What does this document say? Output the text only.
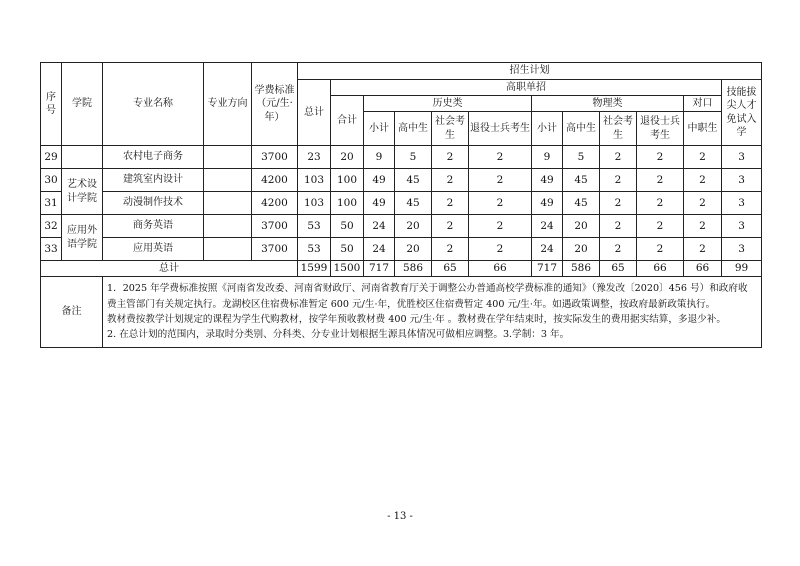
序号	学院	专业名称	专业方向	学费标准（元/生·年）	招生计划											
					总计	高职单招										技能拔尖人才免试入学
						合计	历史类				物理类				对口	
							小计	高中生	社会考生	退役士兵考生	小计	高中生	社会考生	退役士兵考生	中职生	

29		农村电子商务		3700	23	20	9	5	2	2	9	5	2	2	2	3
30	艺术设计学院	建筑室内设计		4200	103	100	49	45	2	2	49	45	2	2	2	3
31		动漫制作技术		4200	103	100	49	45	2	2	49	45	2	2	2	3
32	应用外语学院	商务英语		3700	53	50	24	20	2	2	24	20	2	2	2	3
33		应用英语		3700	53	50	24	20	2	2	24	20	2	2	2	3
总计					1599	1500	717	586	65	66	717	586	65	66	66	99
备注		1．2025 年学费标准按照《河南省发改委、河南省财政厅、河南省教育厅关于调整公办普通高校学费标准的通知》（豫发改〔2020〕456 号）和政府收费主管部门有关规定执行。龙湖校区住宿费标准暂定 600 元/生·年，优胜校区住宿费暂定 400 元/生·年。如遇政策调整，按政府最新政策执行。
教材费按教学计划规定的课程为学生代购教材，按学年预收教材费 400 元/生·年 。教材费在学年结束时，按实际发生的费用据实结算，多退少补。
2. 在总计划的范围内，录取时分类别、分科类、分专业计划根据生源具体情况可做相应调整。3.学制：3 年。														
- 13 -
